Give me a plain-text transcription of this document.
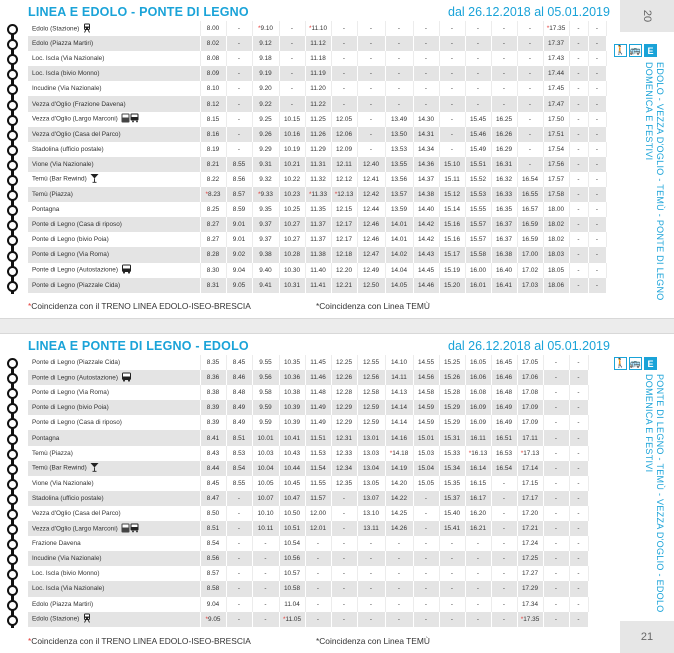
LINEA E EDOLO - PONTE DI LEGNO	dal 26.12.2018 al 05.01.2019
Edolo (Stazione)	8.00	-	*9.10	-	*11.10	-	-	-	-	-	-	-	-	*17.35	-	-
Edolo (Piazza Martiri)	8.02	-	9.12	-	11.12	-	-	-	-	-	-	-	-	17.37	-	-
Loc. Iscla (Via Nazionale)	8.08	-	9.18	-	11.18	-	-	-	-	-	-	-	-	17.43	-	-
Loc. Iscla (bivio Monno)	8.09	-	9.19	-	11.19	-	-	-	-	-	-	-	-	17.44	-	-
Incudine (Via Nazionale)	8.10	-	9.20	-	11.20	-	-	-	-	-	-	-	-	17.45	-	-
Vezza d'Oglio (Frazione Davena)	8.12	-	9.22	-	11.22	-	-	-	-	-	-	-	-	17.47	-	-
Vezza d'Oglio (Largo Marconi)	8.15	-	9.25	10.15	11.25	12.05	-	13.49	14.30	-	15.45	16.25	-	17.50	-	-
Vezza d'Oglio (Casa del Parco)	8.16	-	9.26	10.16	11.26	12.06	-	13.50	14.31	-	15.46	16.26	-	17.51	-	-
Stadolina (ufficio postale)	8.19	-	9.29	10.19	11.29	12.09	-	13.53	14.34	-	15.49	16.29	-	17.54	-	-
Vione (Via Nazionale)	8.21	8.55	9.31	10.21	11.31	12.11	12.40	13.55	14.36	15.10	15.51	16.31	-	17.56	-	-
Temù (Bar Rewind)	8.22	8.56	9.32	10.22	11.32	12.12	12.41	13.56	14.37	15.11	15.52	16.32	16.54	17.57	-	-
Temù (Piazza)	*8.23	8.57	*9.33	10.23	*11.33	*12.13	12.42	13.57	14.38	15.12	15.53	16.33	16.55	17.58	-	-
Pontagna	8.25	8.59	9.35	10.25	11.35	12.15	12.44	13.59	14.40	15.14	15.55	16.35	16.57	18.00	-	-
Ponte di Legno (Casa di riposo)	8.27	9.01	9.37	10.27	11.37	12.17	12.46	14.01	14.42	15.16	15.57	16.37	16.59	18.02	-	-
Ponte di Legno (bivio Poia)	8.27	9.01	9.37	10.27	11.37	12.17	12.46	14.01	14.42	15.16	15.57	16.37	16.59	18.02	-	-
Ponte di Legno (Via Roma)	8.28	9.02	9.38	10.28	11.38	12.18	12.47	14.02	14.43	15.17	15.58	16.38	17.00	18.03	-	-
Ponte di Legno (Autostazione)	8.30	9.04	9.40	10.30	11.40	12.20	12.49	14.04	14.45	15.19	16.00	16.40	17.02	18.05	-	-
Ponte di Legno (Piazzale Cida)	8.31	9.05	9.41	10.31	11.41	12.21	12.50	14.05	14.46	15.20	16.01	16.41	17.03	18.06	-	-
*Coincidenza con il TRENO LINEA EDOLO-ISEO-BRESCIA	*Coincidenza con Linea TEMÙ
20
🚶 🚌 E
EDOLO - VEZZA D'OGLIO - TEMÙ - PONTE DI LEGNO
DOMENICA E FESTIVI
LINEA E PONTE DI LEGNO - EDOLO	dal 26.12.2018 al 05.01.2019
Ponte di Legno (Piazzale Cida)	8.35	8.45	9.55	10.35	11.45	12.25	12.55	14.10	14.55	15.25	16.05	16.45	17.05	-	-
Ponte di Legno (Autostazione)	8.36	8.46	9.56	10.36	11.46	12.26	12.56	14.11	14.56	15.26	16.06	16.46	17.06	-	-
Ponte di Legno (Via Roma)	8.38	8.48	9.58	10.38	11.48	12.28	12.58	14.13	14.58	15.28	16.08	16.48	17.08	-	-
Ponte di Legno (bivio Poia)	8.39	8.49	9.59	10.39	11.49	12.29	12.59	14.14	14.59	15.29	16.09	16.49	17.09	-	-
Ponte di Legno (Casa di riposo)	8.39	8.49	9.59	10.39	11.49	12.29	12.59	14.14	14.59	15.29	16.09	16.49	17.09	-	-
Pontagna	8.41	8.51	10.01	10.41	11.51	12.31	13.01	14.16	15.01	15.31	16.11	16.51	17.11	-	-
Temù (Piazza)	8.43	8.53	10.03	10.43	11.53	12.33	13.03	*14.18	15.03	15.33	*16.13	16.53	*17.13	-	-
Temù (Bar Rewind)	8.44	8.54	10.04	10.44	11.54	12.34	13.04	14.19	15.04	15.34	16.14	16.54	17.14	-	-
Vione (Via Nazionale)	8.45	8.55	10.05	10.45	11.55	12.35	13.05	14.20	15.05	15.35	16.15	-	17.15	-	-
Stadolina (ufficio postale)	8.47	-	10.07	10.47	11.57	-	13.07	14.22	-	15.37	16.17	-	17.17	-	-
Vezza d'Oglio (Casa del Parco)	8.50	-	10.10	10.50	12.00	-	13.10	14.25	-	15.40	16.20	-	17.20	-	-
Vezza d'Oglio (Largo Marconi)	8.51	-	10.11	10.51	12.01	-	13.11	14.26	-	15.41	16.21	-	17.21	-	-
Frazione Davena	8.54	-	-	10.54	-	-	-	-	-	-	-	-	17.24	-	-
Incudine (Via Nazionale)	8.56	-	-	10.56	-	-	-	-	-	-	-	-	17.25	-	-
Loc. Iscla (bivio Monno)	8.57	-	-	10.57	-	-	-	-	-	-	-	-	17.27	-	-
Loc. Iscla (Via Nazionale)	8.58	-	-	10.58	-	-	-	-	-	-	-	-	17.29	-	-
Edolo (Piazza Martiri)	9.04	-	-	11.04	-	-	-	-	-	-	-	-	17.34	-	-
Edolo (Stazione)	*9.05	-	-	*11.05	-	-	-	-	-	-	-	-	*17.35	-	-
*Coincidenza con il TRENO LINEA EDOLO-ISEO-BRESCIA	*Coincidenza con Linea TEMÙ
🚶 🚌 E
PONTE DI LEGNO - TEMÙ - VEZZA D'OGLIO - EDOLO
DOMENICA E FESTIVI
21
